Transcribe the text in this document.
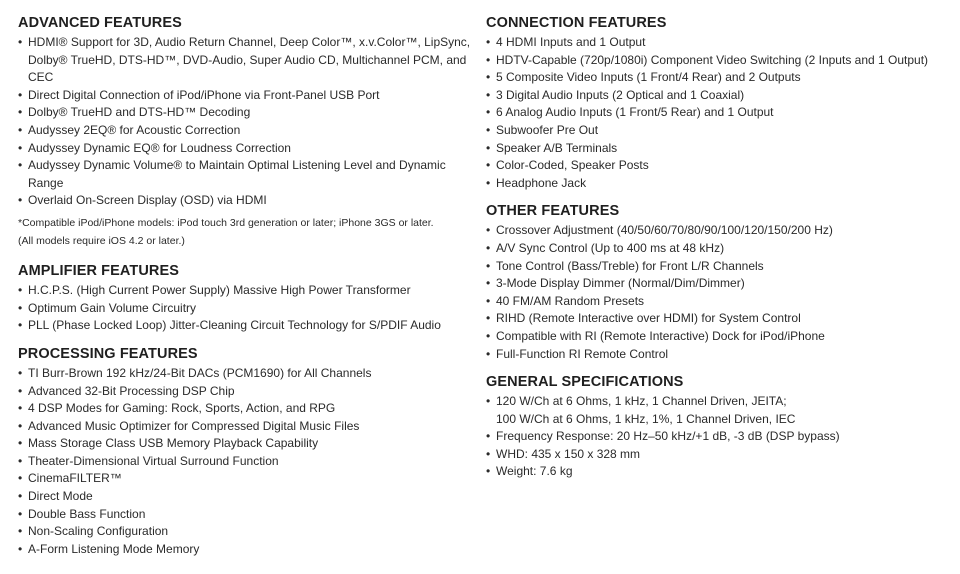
ADVANCED FEATURES
• HDMI® Support for 3D, Audio Return Channel, Deep Color™, x.v.Color™, LipSync, Dolby® TrueHD, DTS-HD™, DVD-Audio, Super Audio CD, Multichannel PCM, and CEC
• Direct Digital Connection of iPod/iPhone via Front-Panel USB Port
• Dolby® TrueHD and DTS-HD™ Decoding
• Audyssey 2EQ® for Acoustic Correction
• Audyssey Dynamic EQ® for Loudness Correction
• Audyssey Dynamic Volume® to Maintain Optimal Listening Level and Dynamic Range
• Overlaid On-Screen Display (OSD) via HDMI
*Compatible iPod/iPhone models: iPod touch 3rd generation or later; iPhone 3GS or later.
(All models require iOS 4.2 or later.)
AMPLIFIER FEATURES
• H.C.P.S. (High Current Power Supply) Massive High Power Transformer
• Optimum Gain Volume Circuitry
• PLL (Phase Locked Loop) Jitter-Cleaning Circuit Technology for S/PDIF Audio
PROCESSING FEATURES
• TI Burr-Brown 192 kHz/24-Bit DACs (PCM1690) for All Channels
• Advanced 32-Bit Processing DSP Chip
• 4 DSP Modes for Gaming: Rock, Sports, Action, and RPG
• Advanced Music Optimizer for Compressed Digital Music Files
• Mass Storage Class USB Memory Playback Capability
• Theater-Dimensional Virtual Surround Function
• CinemaFILTER™
• Direct Mode
• Double Bass Function
• Non-Scaling Configuration
• A-Form Listening Mode Memory
CONNECTION FEATURES
• 4 HDMI Inputs and 1 Output
• HDTV-Capable (720p/1080i) Component Video Switching (2 Inputs and 1 Output)
• 5 Composite Video Inputs (1 Front/4 Rear) and 2 Outputs
• 3 Digital Audio Inputs (2 Optical and 1 Coaxial)
• 6 Analog Audio Inputs (1 Front/5 Rear) and 1 Output
• Subwoofer Pre Out
• Speaker A/B Terminals
• Color-Coded, Speaker Posts
• Headphone Jack
OTHER FEATURES
• Crossover Adjustment (40/50/60/70/80/90/100/120/150/200 Hz)
• A/V Sync Control (Up to 400 ms at 48 kHz)
• Tone Control (Bass/Treble) for Front L/R Channels
• 3-Mode Display Dimmer (Normal/Dim/Dimmer)
• 40 FM/AM Random Presets
• RIHD (Remote Interactive over HDMI) for System Control
• Compatible with RI (Remote Interactive) Dock for iPod/iPhone
• Full-Function RI Remote Control
GENERAL SPECIFICATIONS
• 120 W/Ch at 6 Ohms, 1 kHz, 1 Channel Driven, JEITA;
100 W/Ch at 6 Ohms, 1 kHz, 1%, 1 Channel Driven, IEC
• Frequency Response: 20 Hz–50 kHz/+1 dB, -3 dB (DSP bypass)
• WHD: 435 x 150 x 328 mm
• Weight: 7.6 kg
